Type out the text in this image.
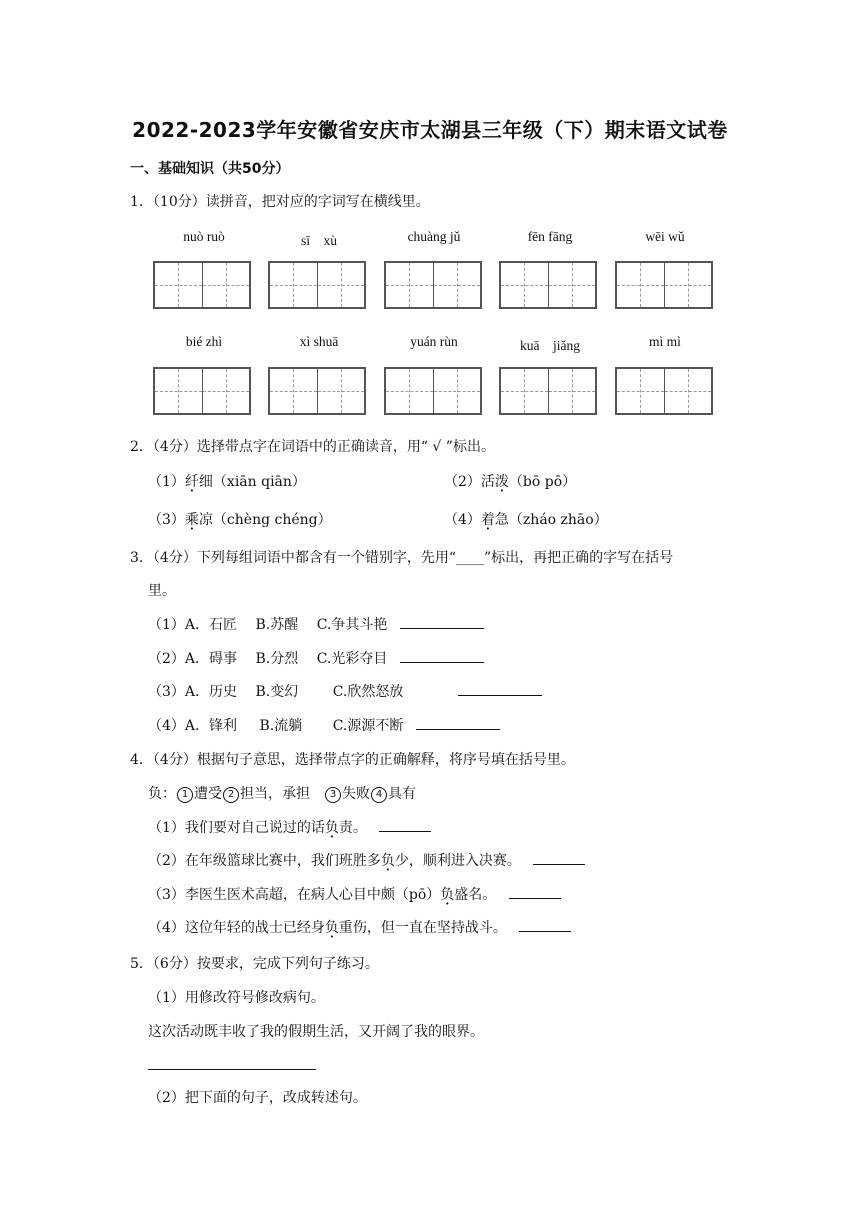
2022-2023学年安徽省安庆市太湖县三年级（下）期末语文试卷
一、基础知识（共50分）
1．（10分）读拼音，把对应的字词写在横线里。
nuò ruò	sī　xù	chuàng jǔ	fēn fāng	wēi wǔ
bié zhì	xì shuā	yuán rùn	kuā　jiǎng	mì mì
2．（4分）选择带点字在词语中的正确读音，用“ √ ”标出。
（1）纤细（xiān qiān）	（2）活泼（bō pō）
（3）乘凉（chèng chéng）	（4）着急（zháo zhāo）
3．（4分）下列每组词语中都含有一个错别字，先用“____”标出，再把正确的字写在括号
里。
（1）A．石匠 B.苏醒 C.争其斗艳
（2）A．碍事 B.分烈 C.光彩夺目
（3）A．历史 B.变幻 C.欣然怒放
（4）A．锋利 B.流躺 C.源源不断
4．（4分）根据句子意思，选择带点字的正确解释，将序号填在括号里。
负： 1 遭受 2 担当，承担　3 失败 4 具有
（1）我们要对自己说过的话负责。
（2）在年级篮球比赛中，我们班胜多负少，顺利进入决赛。
（3）李医生医术高超，在病人心目中颇（pō）负盛名。
（4）这位年轻的战士已经身负重伤，但一直在坚持战斗。
5．（6分）按要求，完成下列句子练习。
（1）用修改符号修改病句。
这次活动既丰收了我的假期生活，又开阔了我的眼界。
（2）把下面的句子，改成转述句。
